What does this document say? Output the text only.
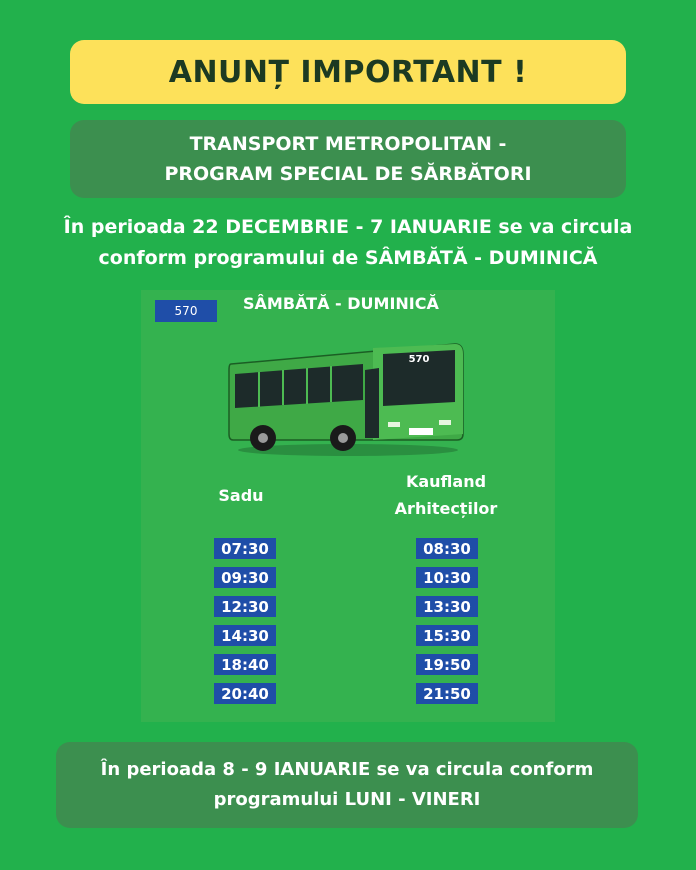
ANUNȚ IMPORTANT !
TRANSPORT METROPOLITAN -
PROGRAM SPECIAL DE SĂRBĂTORI
În perioada 22 DECEMBRIE - 7 IANUARIE se va circula
conform programului de SÂMBĂTĂ - DUMINICĂ
570	SÂMBĂTĂ - DUMINICĂ
570
Sadu
Kaufland
Arhitecților
07:30
09:30
12:30
14:30
18:40
20:40
08:30
10:30
13:30
15:30
19:50
21:50
În perioada 8 - 9 IANUARIE se va circula conform
programului LUNI - VINERI
